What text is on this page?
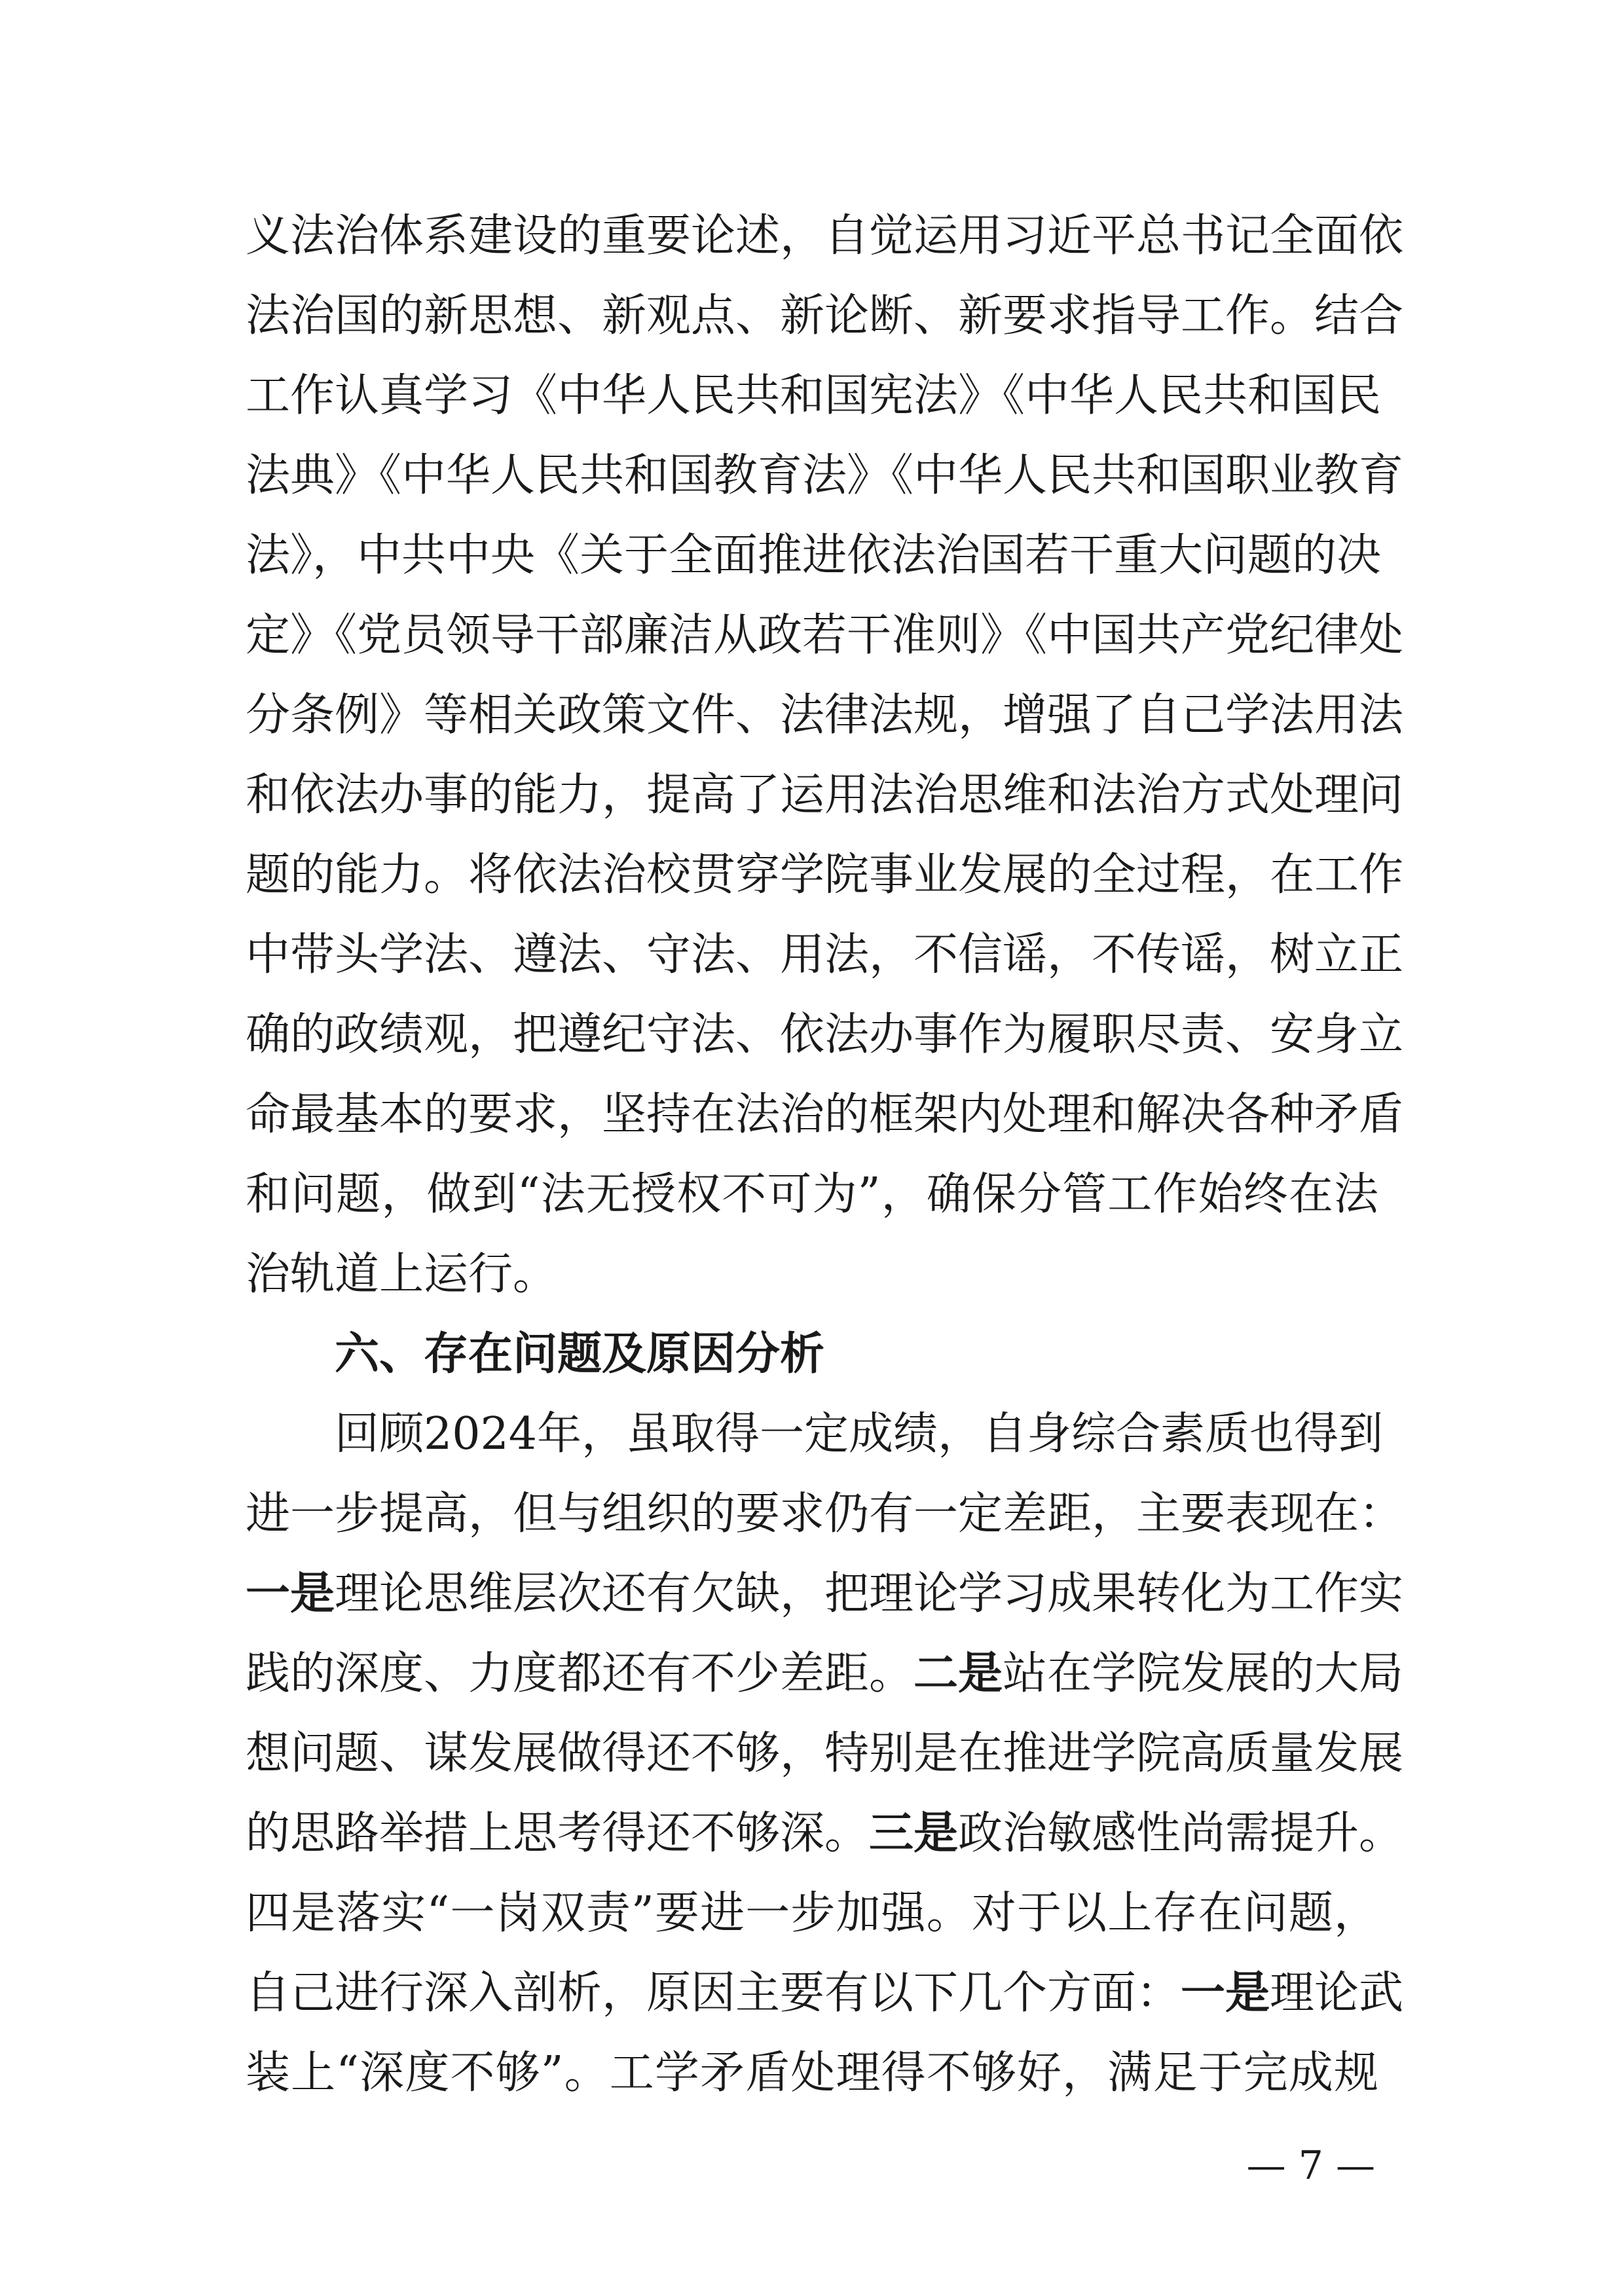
义法治体系建设的重要论述，自觉运用习近平总书记全面依
法治国的新思想、新观点、新论断、新要求指导工作。结合
工作认真学习《中华人民共和国宪法》《中华人民共和国民
法典》《中华人民共和国教育法》《中华人民共和国职业教育
法》，中共中央《关于全面推进依法治国若干重大问题的决
定》《党员领导干部廉洁从政若干准则》《中国共产党纪律处
分条例》等相关政策文件、法律法规，增强了自己学法用法
和依法办事的能力，提高了运用法治思维和法治方式处理问
题的能力。将依法治校贯穿学院事业发展的全过程，在工作
中带头学法、遵法、守法、用法，不信谣，不传谣，树立正
确的政绩观，把遵纪守法、依法办事作为履职尽责、安身立
命最基本的要求，坚持在法治的框架内处理和解决各种矛盾
和问题，做到“法无授权不可为”，确保分管工作始终在法
治轨道上运行。
六、存在问题及原因分析
回顾2024年，虽取得一定成绩，自身综合素质也得到
进一步提高，但与组织的要求仍有一定差距，主要表现在：
一是理论思维层次还有欠缺，把理论学习成果转化为工作实
践的深度、力度都还有不少差距。二是站在学院发展的大局
想问题、谋发展做得还不够，特别是在推进学院高质量发展
的思路举措上思考得还不够深。三是政治敏感性尚需提升。
四是落实“一岗双责”要进一步加强。对于以上存在问题，
自己进行深入剖析，原因主要有以下几个方面：一是理论武
装上“深度不够”。工学矛盾处理得不够好，满足于完成规
— 7 —
